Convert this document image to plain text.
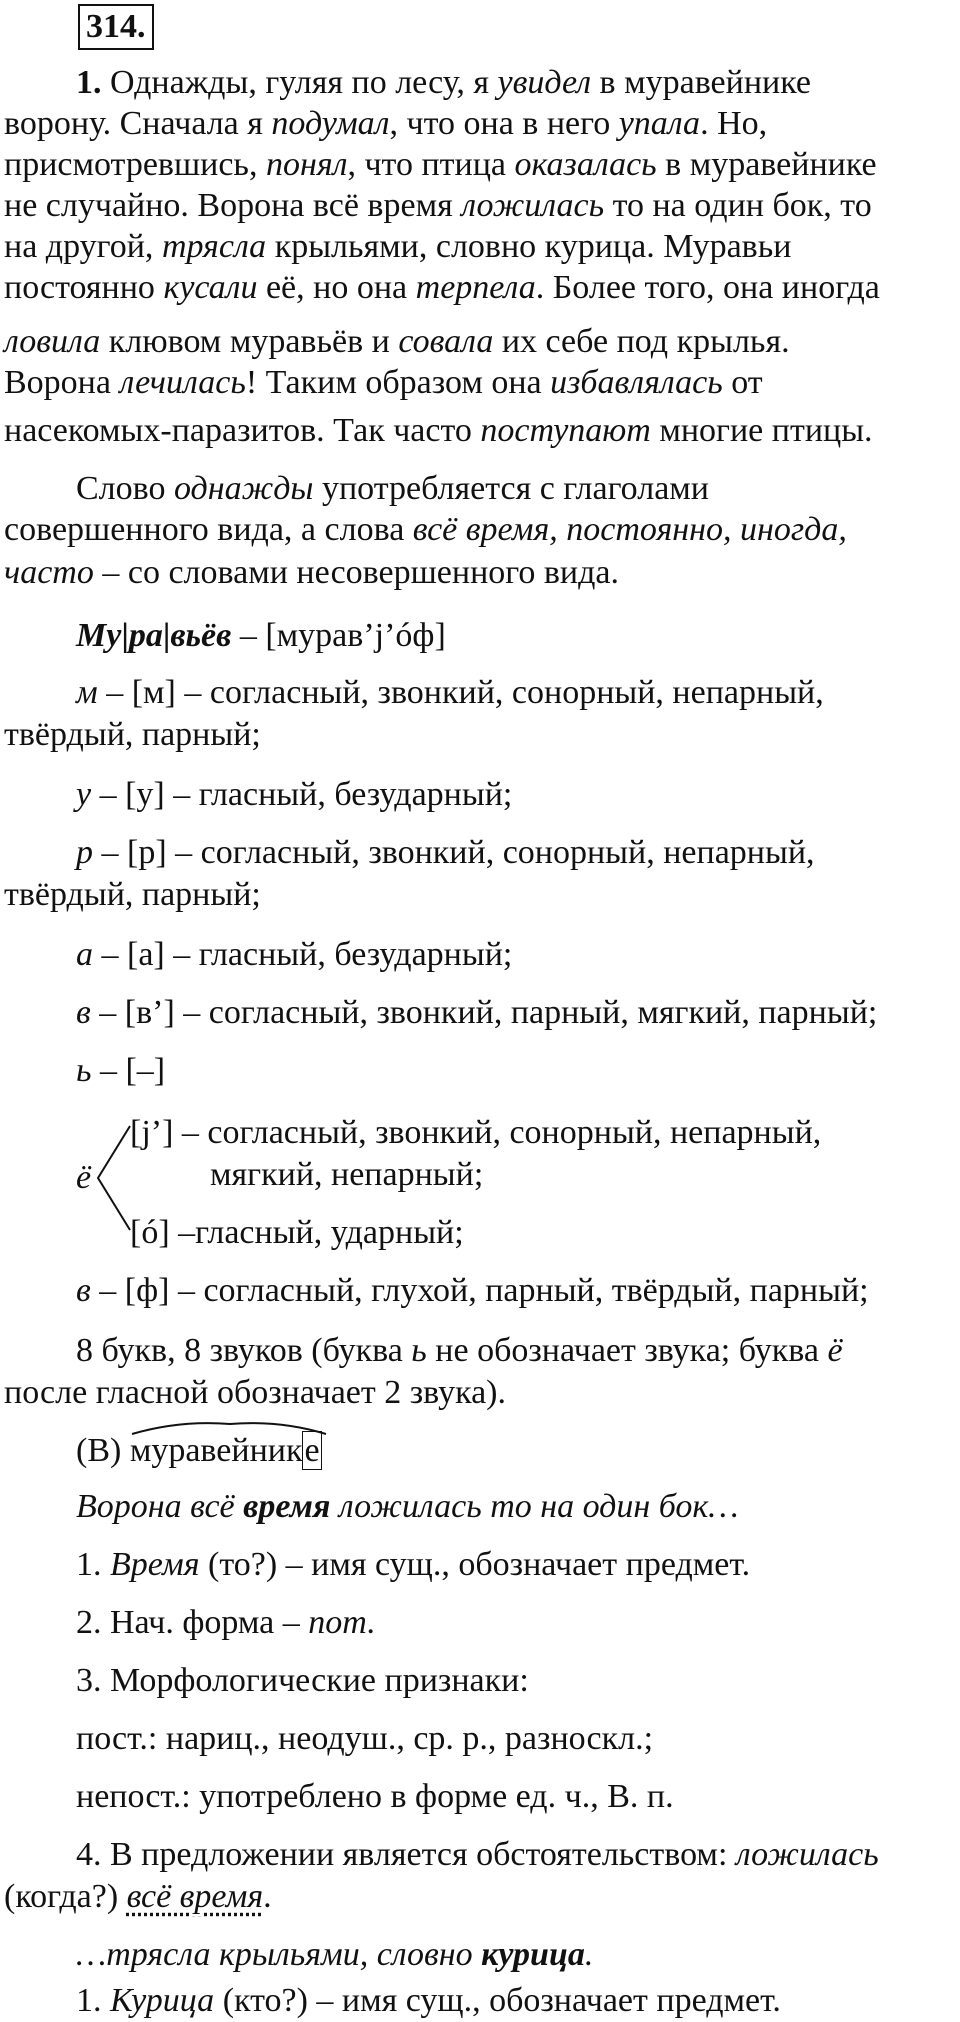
314.
1. Однажды, гуляя по лесу, я увидел в муравейнике
ворону. Сначала я подумал, что она в него упала. Но,
присмотревшись, понял, что птица оказалась в муравейнике
не случайно. Ворона всё время ложилась то на один бок, то
на другой, трясла крыльями, словно курица. Муравьи
постоянно кусали её, но она терпела. Более того, она иногда
ловила клювом муравьёв и совала их себе под крылья.
Ворона лечилась! Таким образом она избавлялась от
насекомых-паразитов. Так часто поступают многие птицы.
Слово однажды употребляется с глаголами
совершенного вида, а слова всё время, постоянно, иногда,
часто – со словами несовершенного вида.
Му|ра|вьёв – [мурав’j’óф]
м – [м] – согласный, звонкий, сонорный, непарный,
твёрдый, парный;
у – [у] – гласный, безударный;
р – [р] – согласный, звонкий, сонорный, непарный,
твёрдый, парный;
а – [а] – гласный, безударный;
в – [в’] – согласный, звонкий, парный, мягкий, парный;
ь – [–]
ё
[j’] – согласный, звонкий, сонорный, непарный,
мягкий, непарный;
[ó] –гласный, ударный;
в – [ф] – согласный, глухой, парный, твёрдый, парный;
8 букв, 8 звуков (буква ь не обозначает звука; буква ё
после гласной обозначает 2 звука).
(В)
муравейнике
Ворона всё время ложилась то на один бок…
1. Время (то?) – имя сущ., обозначает предмет.
2. Нач. форма – пот.
3. Морфологические признаки:
пост.: нариц., неодуш., ср. р., разноскл.;
непост.: употреблено в форме ед. ч., В. п.
4. В предложении является обстоятельством: ложилась
(когда?) всё время.
…трясла крыльями, словно курица.
1. Курица (кто?) – имя сущ., обозначает предмет.
